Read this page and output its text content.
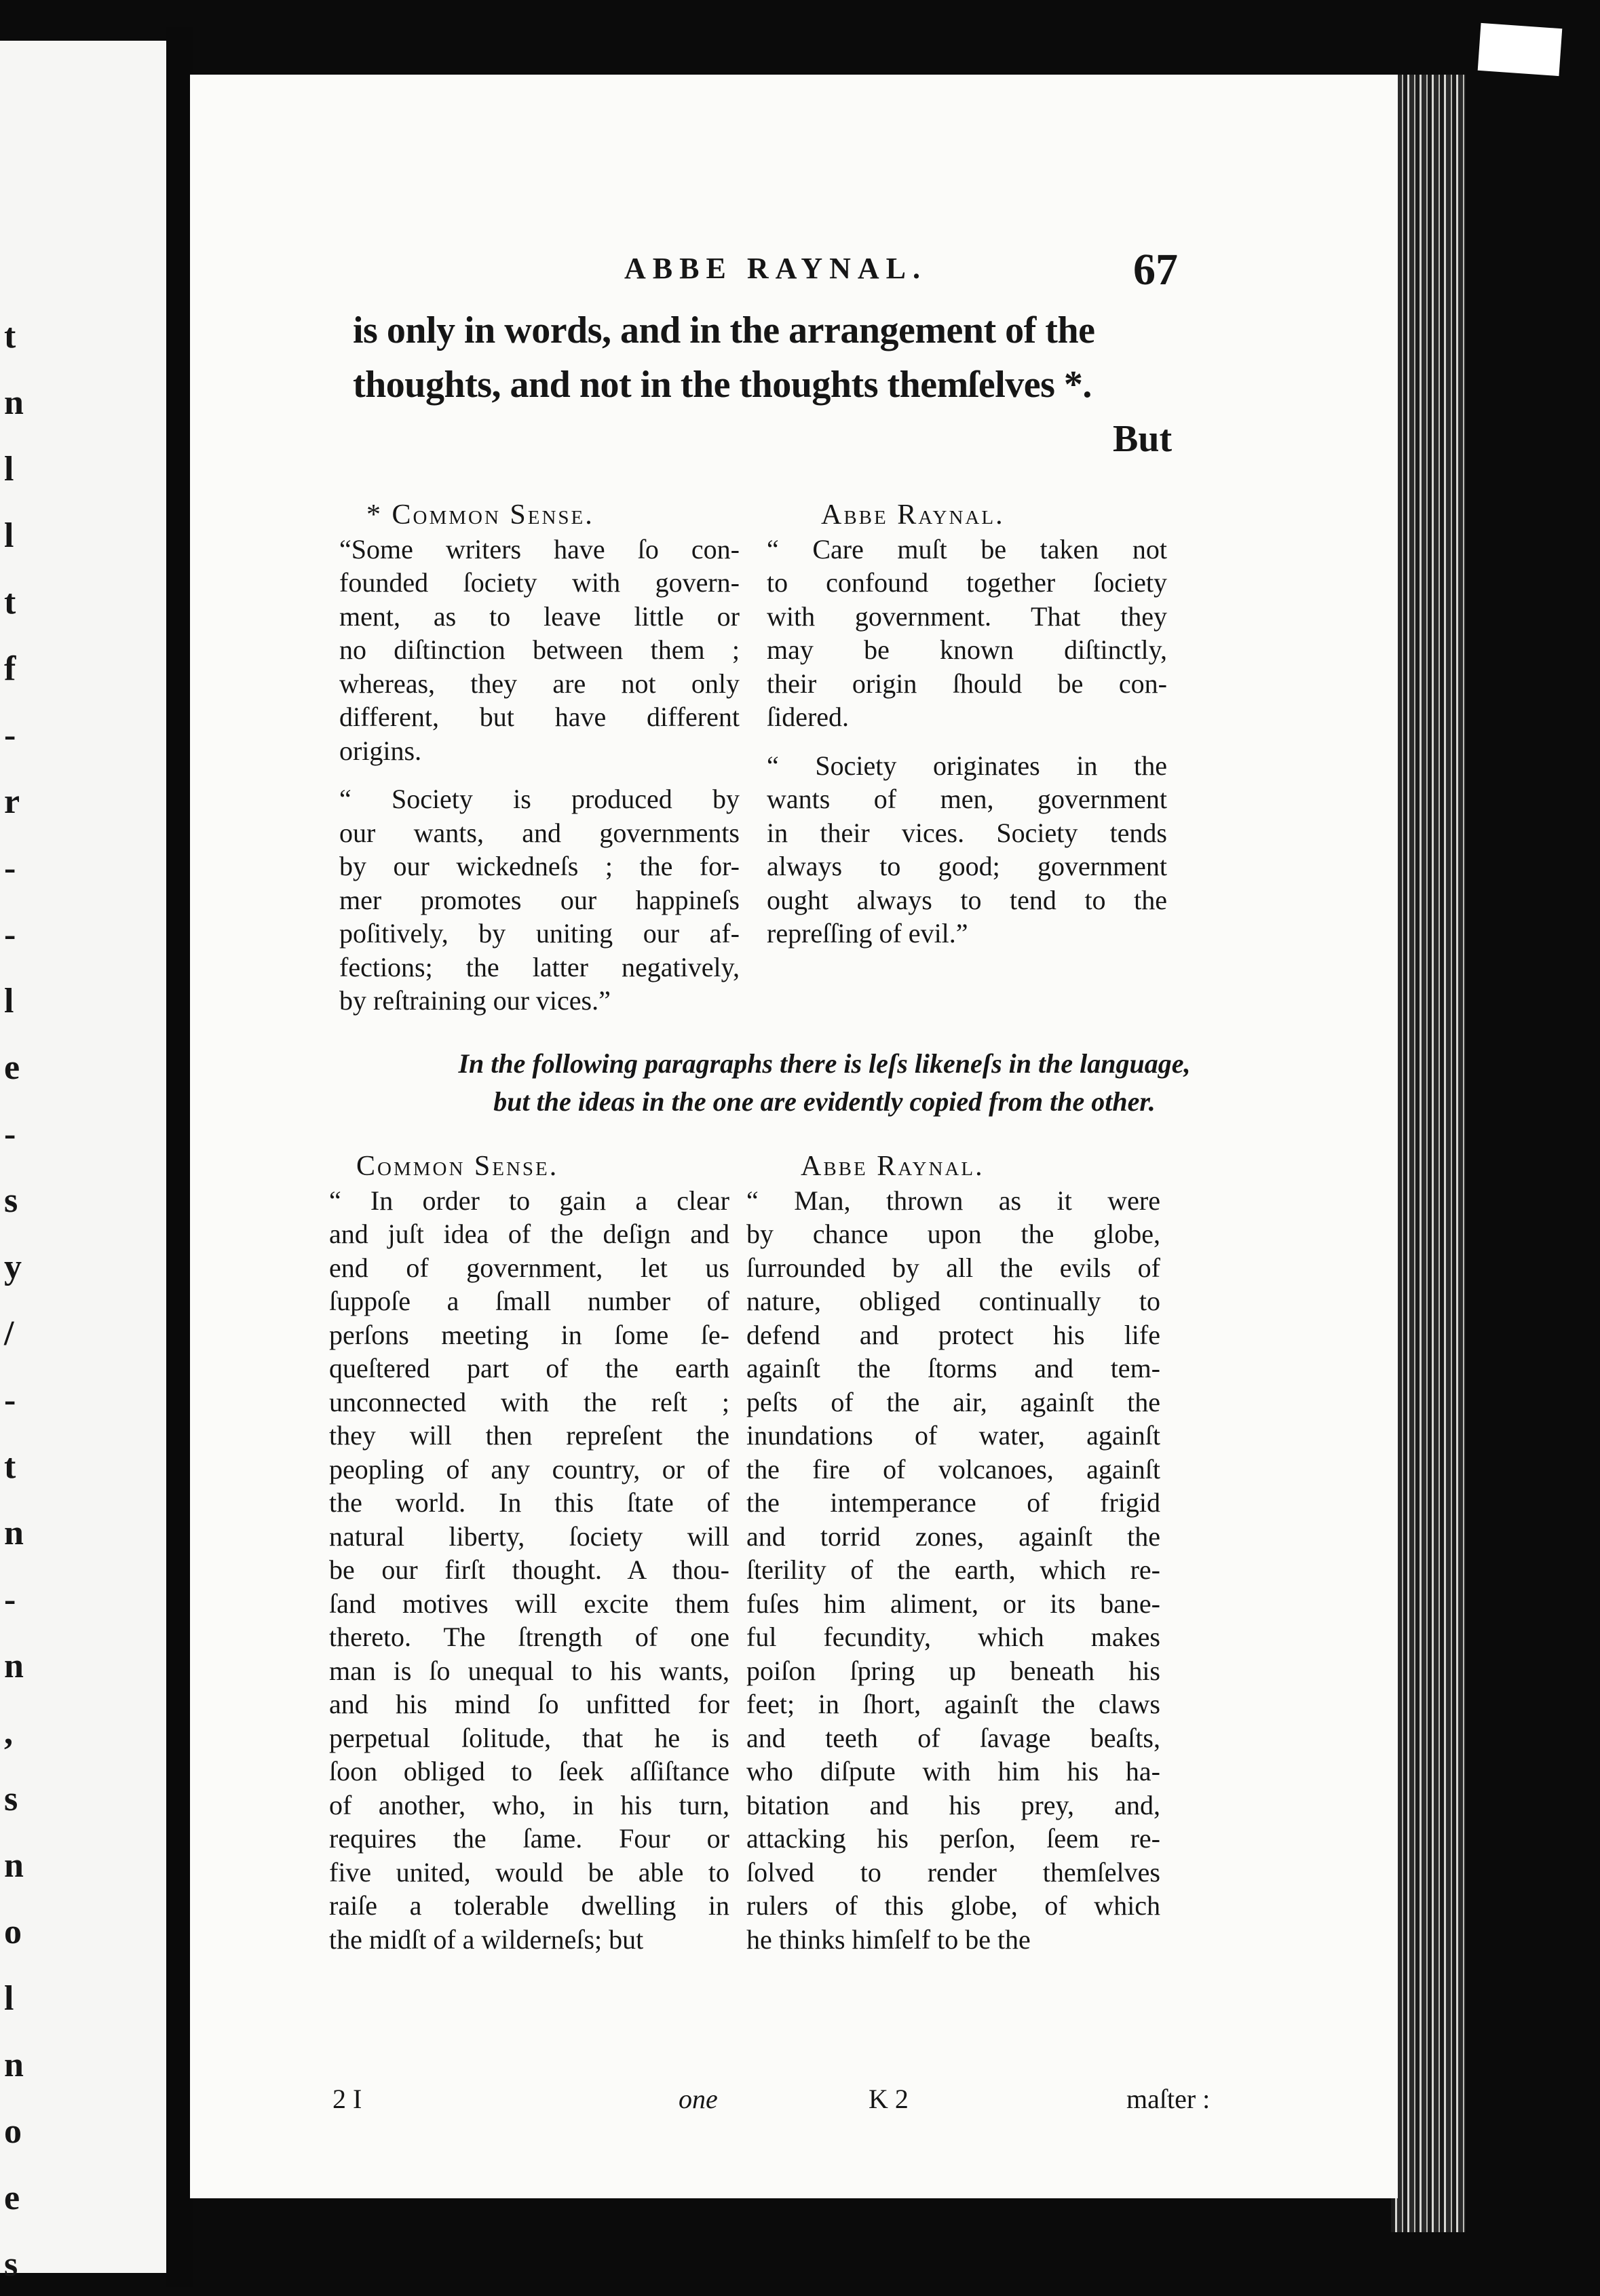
t
n
l
l
t
f
-
r
-
-
l
e
-
s
y
/
-
t
n
-
n
,
s
n
o
l
n
o
e
s
ABBE RAYNAL.	67
is only in words, and in the arrangement of the
thoughts, and not in the thoughts themſelves *.
But
* Common Sense.

“Some writers have ſo con-
founded ſociety with govern-
ment, as to leave little or
no diſtinction between them ;
whereas, they are not only
different, but have different
origins.

“ Society is produced by
our wants, and governments
by our wickedneſs ; the for-
mer promotes our happineſs
poſitively, by uniting our af-
fections; the latter negatively,
by reſtraining our vices.”

Abbe Raynal.

“ Care muſt be taken not
to confound together ſociety
with government. That they
may be known diſtinctly,
their origin ſhould be con-
ſidered.

“ Society originates in the
wants of men, government
in their vices. Society tends
always to good; government
ought always to tend to the
repreſſing of evil.”

In the following paragraphs there is leſs likeneſs in the language,
but the ideas in the one are evidently copied from the other.
Common Sense.
“ In order to gain a clear
and juſt idea of the deſign and
end of government, let us
ſuppoſe a ſmall number of
perſons meeting in ſome ſe-
queſtered part of the earth
unconnected with the reſt ;
they will then repreſent the
peopling of any country, or of
the world. In this ſtate of
natural liberty, ſociety will
be our firſt thought. A thou-
ſand motives will excite them
thereto. The ſtrength of one
man is ſo unequal to his wants,
and his mind ſo unfitted for
perpetual ſolitude, that he is
ſoon obliged to ſeek aſſiſtance
of another, who, in his turn,
requires the ſame. Four or
five united, would be able to
raiſe a tolerable dwelling in
the midſt of a wilderneſs; but
Abbe Raynal.
“ Man, thrown as it were
by chance upon the globe,
ſurrounded by all the evils of
nature, obliged continually to
defend and protect his life
againſt the ſtorms and tem-
peſts of the air, againſt the
inundations of water, againſt
the fire of volcanoes, againſt
the intemperance of frigid
and torrid zones, againſt the
ſterility of the earth, which re-
fuſes him aliment, or its bane-
ful fecundity, which makes
poiſon ſpring up beneath his
feet; in ſhort, againſt the claws
and teeth of ſavage beaſts,
who diſpute with him his ha-
bitation and his prey, and,
attacking his perſon, ſeem re-
ſolved to render themſelves
rulers of this globe, of which
he thinks himſelf to be the
2 I	one	K 2	maſter :
